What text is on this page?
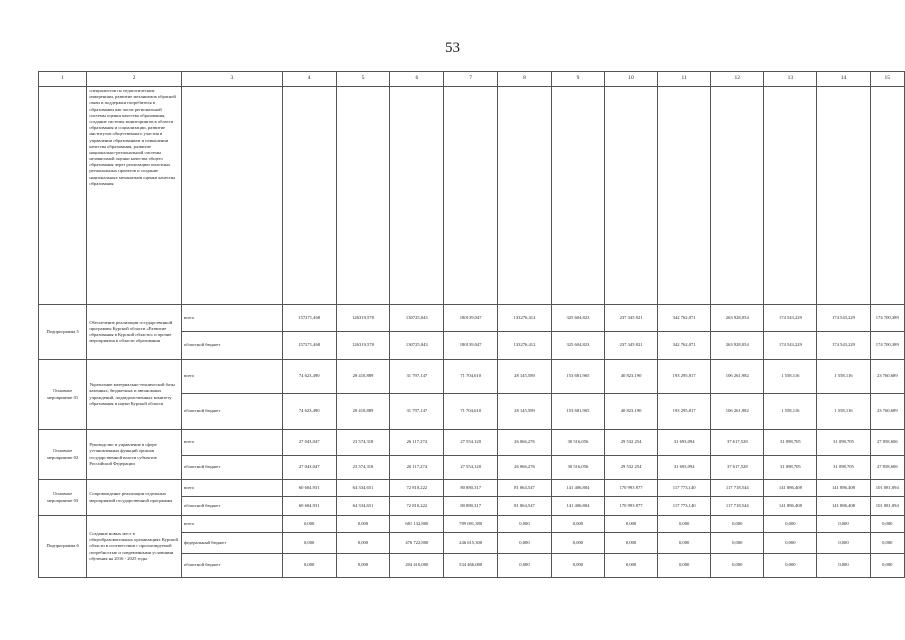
53
1	2	3	4	5	6	7	8	9	10	11	12	13	14	15
	специалистов по педагогическим измерениям, развитие механизмов обратной связи и поддержки потребителя в образовании как части региональной системы оценки качества образования, создание системы мониторингов в области образования и социализации, развитие институтов общественного участия в управлении образованием и повышении качества образования, развитие национально-региональной системы независимой оценки качества общего образования через реализацию пилотных региональных проектов и создание национальных механизмов оценки качества образования													
Подпрограмма 5	Обеспечение реализации государственной программы Курской области «Развитие образования в Курской области» и прочие мероприятия в области образования	всего	157271,468	126319,578	130725,043	180139,047	133276,412	325 604,823	237 345 821	342 762,071	263 928,054	174 543,229	174 543,229	174 700,389
		областной бюджет	157271,468	126319,578	130725,043	180139,047	133276,412	325 604,823	237 345 821	342 762,071	263 928,054	174 543,229	174 543,229	174 700,389
Основное мероприятие 01	Укрепление материально-технической базы казенных, бюджетных и автономных учреждений, подведомственных комитету образования и науки Курской области	всего	74 623,490	28 410,889	31 797,147	71 704,610	28 145,589	153 681,965	40 823,190	193 295,817	106 261,982	1 558,116	1 558,116	23 760,689
		областной бюджет	74 623,490	28 410,889	31 797,147	71 704,610	28 145,589	153 681,965	40 823,190	193 295,817	106 261,982	1 558,116	1 558,116	23 760,689
Основное мероприятие 02	Руководство и управление в сфере установленных функций органов государственной власти субъектов Российской Федерации	всего	27 043,047	23 574,318	26 117,274	27 554,120	26 066,276	30 516,056	29 532 254	31 693,094	37 617,528	31 098,705	31 098,705	27 858,606
		областной бюджет	27 043,047	23 574,318	26 117,274	27 554,120	26 066,276	30 516,056	29 532 254	31 693,094	37 617,528	31 098,705	31 098,705	27 858,606
Основное мероприятие 03	Сопровождение реализации отдельных мероприятий государственной программы	всего	60 604,931	64 334,651	72 810,222	80 880,317	81 064,547	141 406,804	170 993 877	117 773,140	117 718,544	141 886,408	141 886,408	101 081,094
		областной бюджет	60 604,931	64 334,651	72 810,222	80 880,317	81 064,547	141 406,804	170 993 877	117 773,140	117 718,544	141 886,408	141 886,408	101 081,094
Подпрограмма 6	Создание новых мест в общеобразовательных организациях Курской области в соответствии с прогнозируемой потребностью и современными условиями обучения на 2016 - 2025 годы	всего	0,000	0,000	681 132,800	789 081,380	0,000	0,000	0,000	0,000	0,000	0,000	0,000	0,000
		федеральный бюджет	0,000	0,000	476 722,800	246 615,300	0,000	0,000	0,000	0,000	0,000	0,000	0,000	0,000
		областной бюджет	0,000	0,000	204 410,000	534 466,080	0,000	0,000	0,000	0,000	0,000	0,000	0,000	0,000
